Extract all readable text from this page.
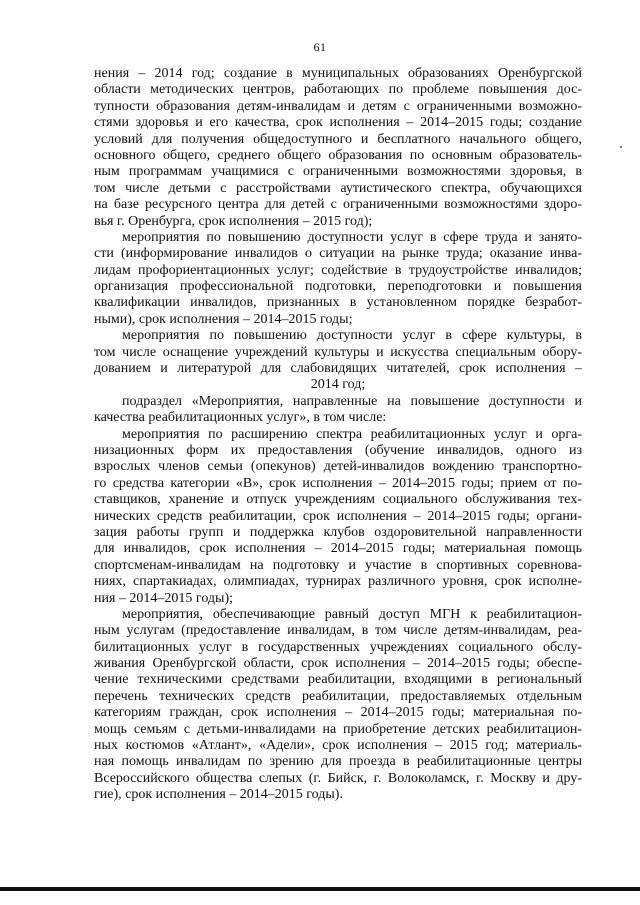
61
нения – 2014 год; создание в муниципальных образованиях Оренбургской
области методических центров, работающих по проблеме повышения дос-
тупности образования детям-инвалидам и детям с ограниченными возможно-
стями здоровья и его качества, срок исполнения – 2014–2015 годы; создание
условий для получения общедоступного и бесплатного начального общего,
основного общего, среднего общего образования по основным образователь-
ным программам учащимися с ограниченными возможностями здоровья, в
том числе детьми с расстройствами аутистического спектра, обучающихся
на базе ресурсного центра для детей с ограниченными возможностями здоро-
вья г. Оренбурга, срок исполнения – 2015 год);
мероприятия по повышению доступности услуг в сфере труда и занято-
сти (информирование инвалидов о ситуации на рынке труда; оказание инва-
лидам профориентационных услуг; содействие в трудоустройстве инвалидов;
организация профессиональной подготовки, переподготовки и повышения
квалификации инвалидов, признанных в установленном порядке безработ-
ными), срок исполнения – 2014–2015 годы;
мероприятия по повышению доступности услуг в сфере культуры, в
том числе оснащение учреждений культуры и искусства специальным обору-
дованием и литературой для слабовидящих читателей, срок исполнения –
2014 год;
подраздел «Мероприятия, направленные на повышение доступности и
качества реабилитационных услуг», в том числе:
мероприятия по расширению спектра реабилитационных услуг и орга-
низационных форм их предоставления (обучение инвалидов, одного из
взрослых членов семьи (опекунов) детей-инвалидов вождению транспортно-
го средства категории «В», срок исполнения – 2014–2015 годы; прием от по-
ставщиков, хранение и отпуск учреждениям социального обслуживания тех-
нических средств реабилитации, срок исполнения – 2014–2015 годы; органи-
зация работы групп и поддержка клубов оздоровительной направленности
для инвалидов, срок исполнения – 2014–2015 годы; материальная помощь
спортсменам-инвалидам на подготовку и участие в спортивных соревнова-
ниях, спартакиадах, олимпиадах, турнирах различного уровня, срок исполне-
ния – 2014–2015 годы);
мероприятия, обеспечивающие равный доступ МГН к реабилитацион-
ным услугам (предоставление инвалидам, в том числе детям-инвалидам, реа-
билитационных услуг в государственных учреждениях социального обслу-
живания Оренбургской области, срок исполнения – 2014–2015 годы; обеспе-
чение техническими средствами реабилитации, входящими в региональный
перечень технических средств реабилитации, предоставляемых отдельным
категориям граждан, срок исполнения – 2014–2015 годы; материальная по-
мощь семьям с детьми-инвалидами на приобретение детских реабилитацион-
ных костюмов «Атлант», «Адели», срок исполнения – 2015 год; материаль-
ная помощь инвалидам по зрению для проезда в реабилитационные центры
Всероссийского общества слепых (г. Бийск, г. Волоколамск, г. Москву и дру-
гие), срок исполнения – 2014–2015 годы).
